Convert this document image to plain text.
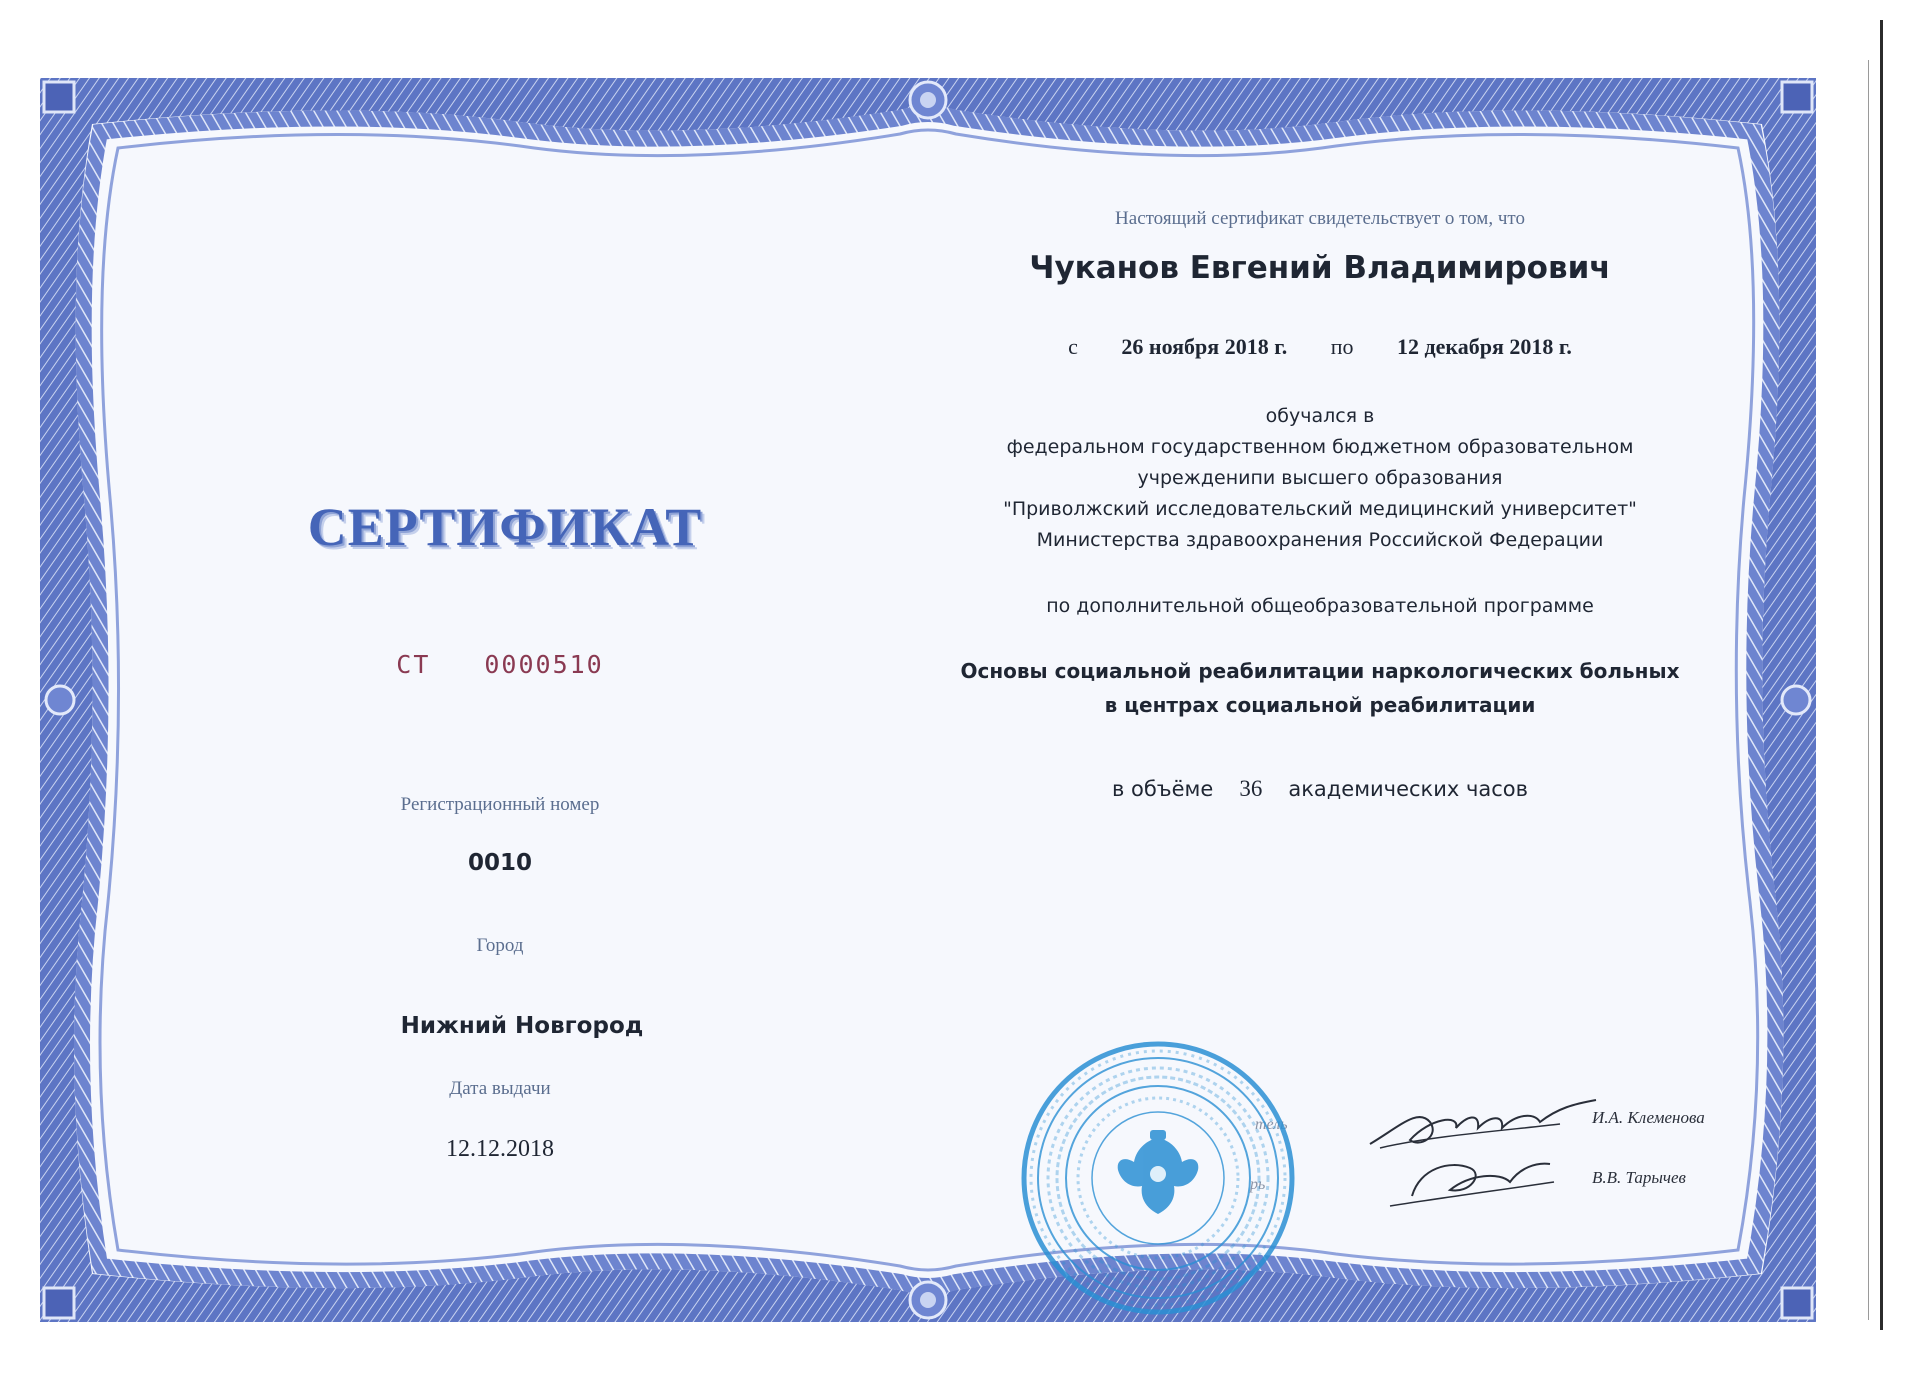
СЕРТИФИКАТ
СТ 0000510
Регистрационный номер
0010
Город
Нижний Новгород
Дата выдачи
12.12.2018
Настоящий сертификат свидетельствует о том, что
Чуканов Евгений Владимирович
с 26 ноября 2018 г. по 12 декабря 2018 г.
обучался в
федеральном государственном бюджетном образовательном
учрежденипи высшего образования
"Приволжский исследовательский медицинский университет"
Министерства здравоохранения Российской Федерации
по дополнительной общеобразовательной программе
Основы социальной реабилитации наркологических больных
в центрах социальной реабилитации
в объёме 36 академических часов
тель
рь
И.А. Клеменова
В.В. Тарычев
